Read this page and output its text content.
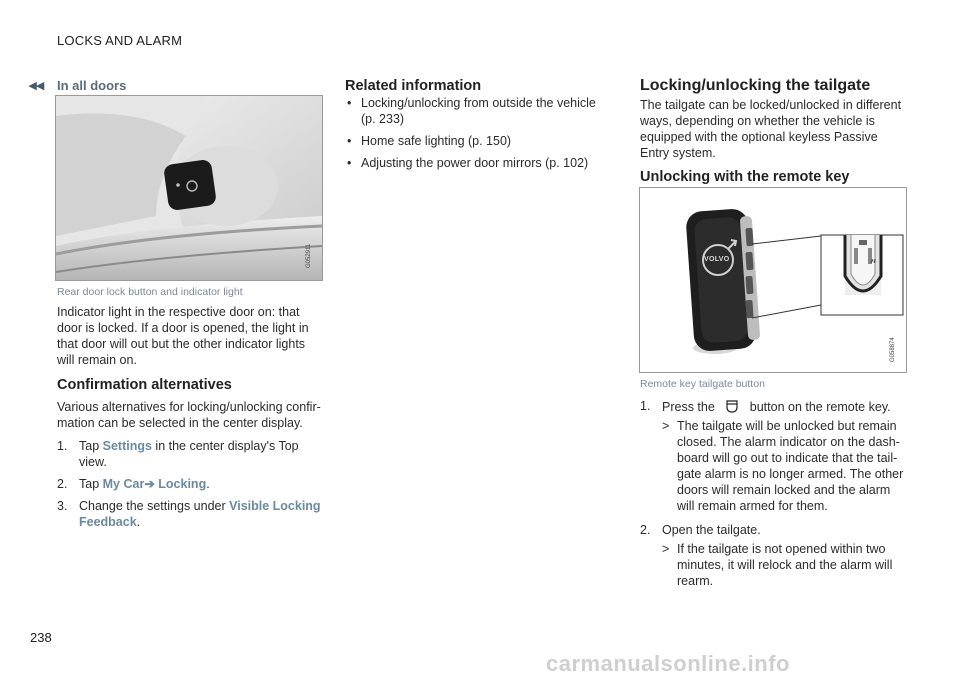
LOCKS AND ALARM
◂◂ In all doors
G052911
Rear door lock button and indicator light
Indicator light in the respective door on: that door is locked. If a door is opened, the light in that door will out but the other indicator lights will remain on.
Confirmation alternatives
Various alternatives for locking/unlocking confir-mation can be selected in the center display.
1. Tap Settings in the center display's Top view.
2. Tap My Car➔ Locking.
3. Change the settings under Visible Locking Feedback.
Related information
• Locking/unlocking from outside the vehicle (p. 233)
• Home safe lighting (p. 150)
• Adjusting the power door mirrors (p. 102)
Locking/unlocking the tailgate
The tailgate can be locked/unlocked in different ways, depending on whether the vehicle is equipped with the optional keyless Passive Entry system.
Unlocking with the remote key
𝓃
VOLVO
G058874
Remote key tailgate button
1. Press the	button on the remote key.
> The tailgate will be unlocked but remain closed. The alarm indicator on the dash-board will go out to indicate that the tail-gate alarm is no longer armed. The other doors will remain locked and the alarm will remain armed for them.
2. Open the tailgate.
> If the tailgate is not opened within two minutes, it will relock and the alarm will rearm.
238
carmanualsonline.info
